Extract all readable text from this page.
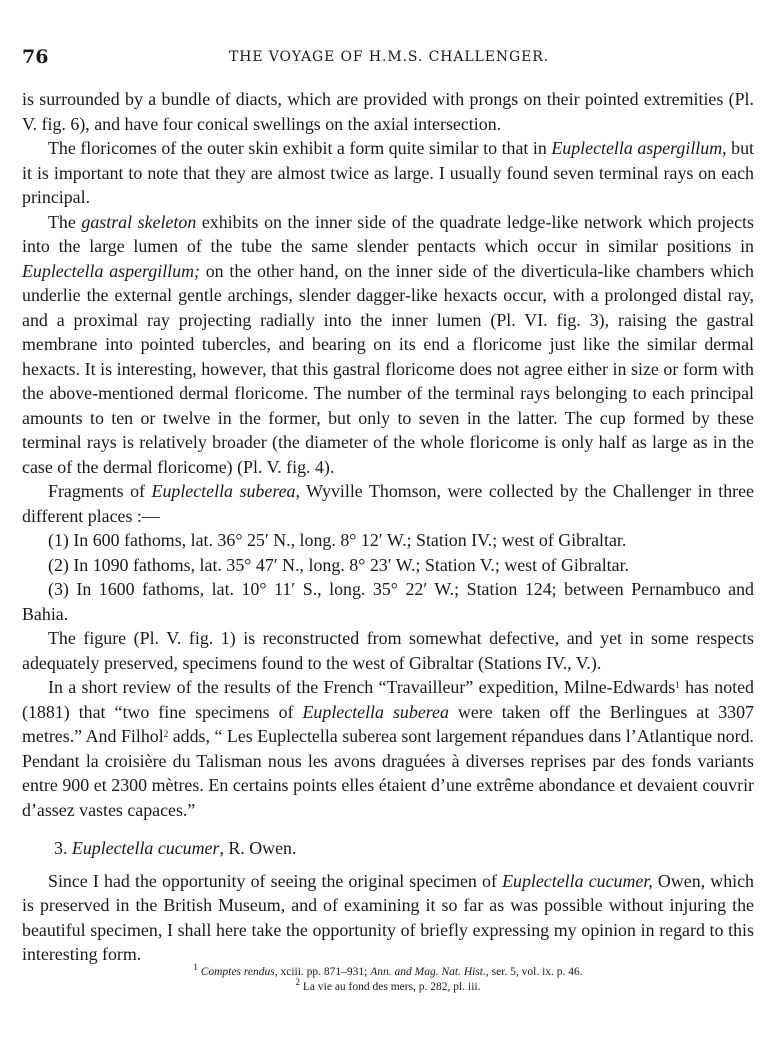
76	THE VOYAGE OF H.M.S. CHALLENGER.

is surrounded by a bundle of diacts, which are provided with prongs on their pointed extremities (Pl. V. fig. 6), and have four conical swellings on the axial intersection.

The floricomes of the outer skin exhibit a form quite similar to that in Euplectella aspergillum, but it is important to note that they are almost twice as large. I usually found seven terminal rays on each principal.

The gastral skeleton exhibits on the inner side of the quadrate ledge-like network which projects into the large lumen of the tube the same slender pentacts which occur in similar positions in Euplectella aspergillum; on the other hand, on the inner side of the diverticula-like chambers which underlie the external gentle archings, slender dagger-like hexacts occur, with a prolonged distal ray, and a proximal ray projecting radially into the inner lumen (Pl. VI. fig. 3), raising the gastral membrane into pointed tubercles, and bearing on its end a floricome just like the similar dermal hexacts. It is interesting, however, that this gastral floricome does not agree either in size or form with the above-mentioned dermal floricome. The number of the terminal rays belonging to each principal amounts to ten or twelve in the former, but only to seven in the latter. The cup formed by these terminal rays is relatively broader (the diameter of the whole floricome is only half as large as in the case of the dermal floricome) (Pl. V. fig. 4).

Fragments of Euplectella suberea, Wyville Thomson, were collected by the Challenger in three different places :—

(1) In 600 fathoms, lat. 36° 25′ N., long. 8° 12′ W.; Station IV.; west of Gibraltar.

(2) In 1090 fathoms, lat. 35° 47′ N., long. 8° 23′ W.; Station V.; west of Gibraltar.

(3) In 1600 fathoms, lat. 10° 11′ S., long. 35° 22′ W.; Station 124; between Pernambuco and Bahia.

The figure (Pl. V. fig. 1) is reconstructed from somewhat defective, and yet in some respects adequately preserved, specimens found to the west of Gibraltar (Stations IV., V.).

In a short review of the results of the French “Travailleur” expedition, Milne-Edwards$^1$ has noted (1881) that “two fine specimens of Euplectella suberea were taken off the Berlingues at 3307 metres.” And Filhol$^2$ adds, “ Les Euplectella suberea sont largement répandues dans l’Atlantique nord. Pendant la croisière du Talisman nous les avons draguées à diverses reprises par des fonds variants entre 900 et 2300 mètres. En certains points elles étaient d’une extrême abondance et devaient couvrir d’assez vastes capaces.”

3. Euplectella cucumer, R. Owen.

Since I had the opportunity of seeing the original specimen of Euplectella cucumer, Owen, which is preserved in the British Museum, and of examining it so far as was possible without injuring the beautiful specimen, I shall here take the opportunity of briefly expressing my opinion in regard to this interesting form.

$^1$ Comptes rendus, xciii. pp. 871–931; Ann. and Mag. Nat. Hist., ser. 5, vol. ix. p. 46.
$^2$ La vie au fond des mers, p. 282, pl. iii.
